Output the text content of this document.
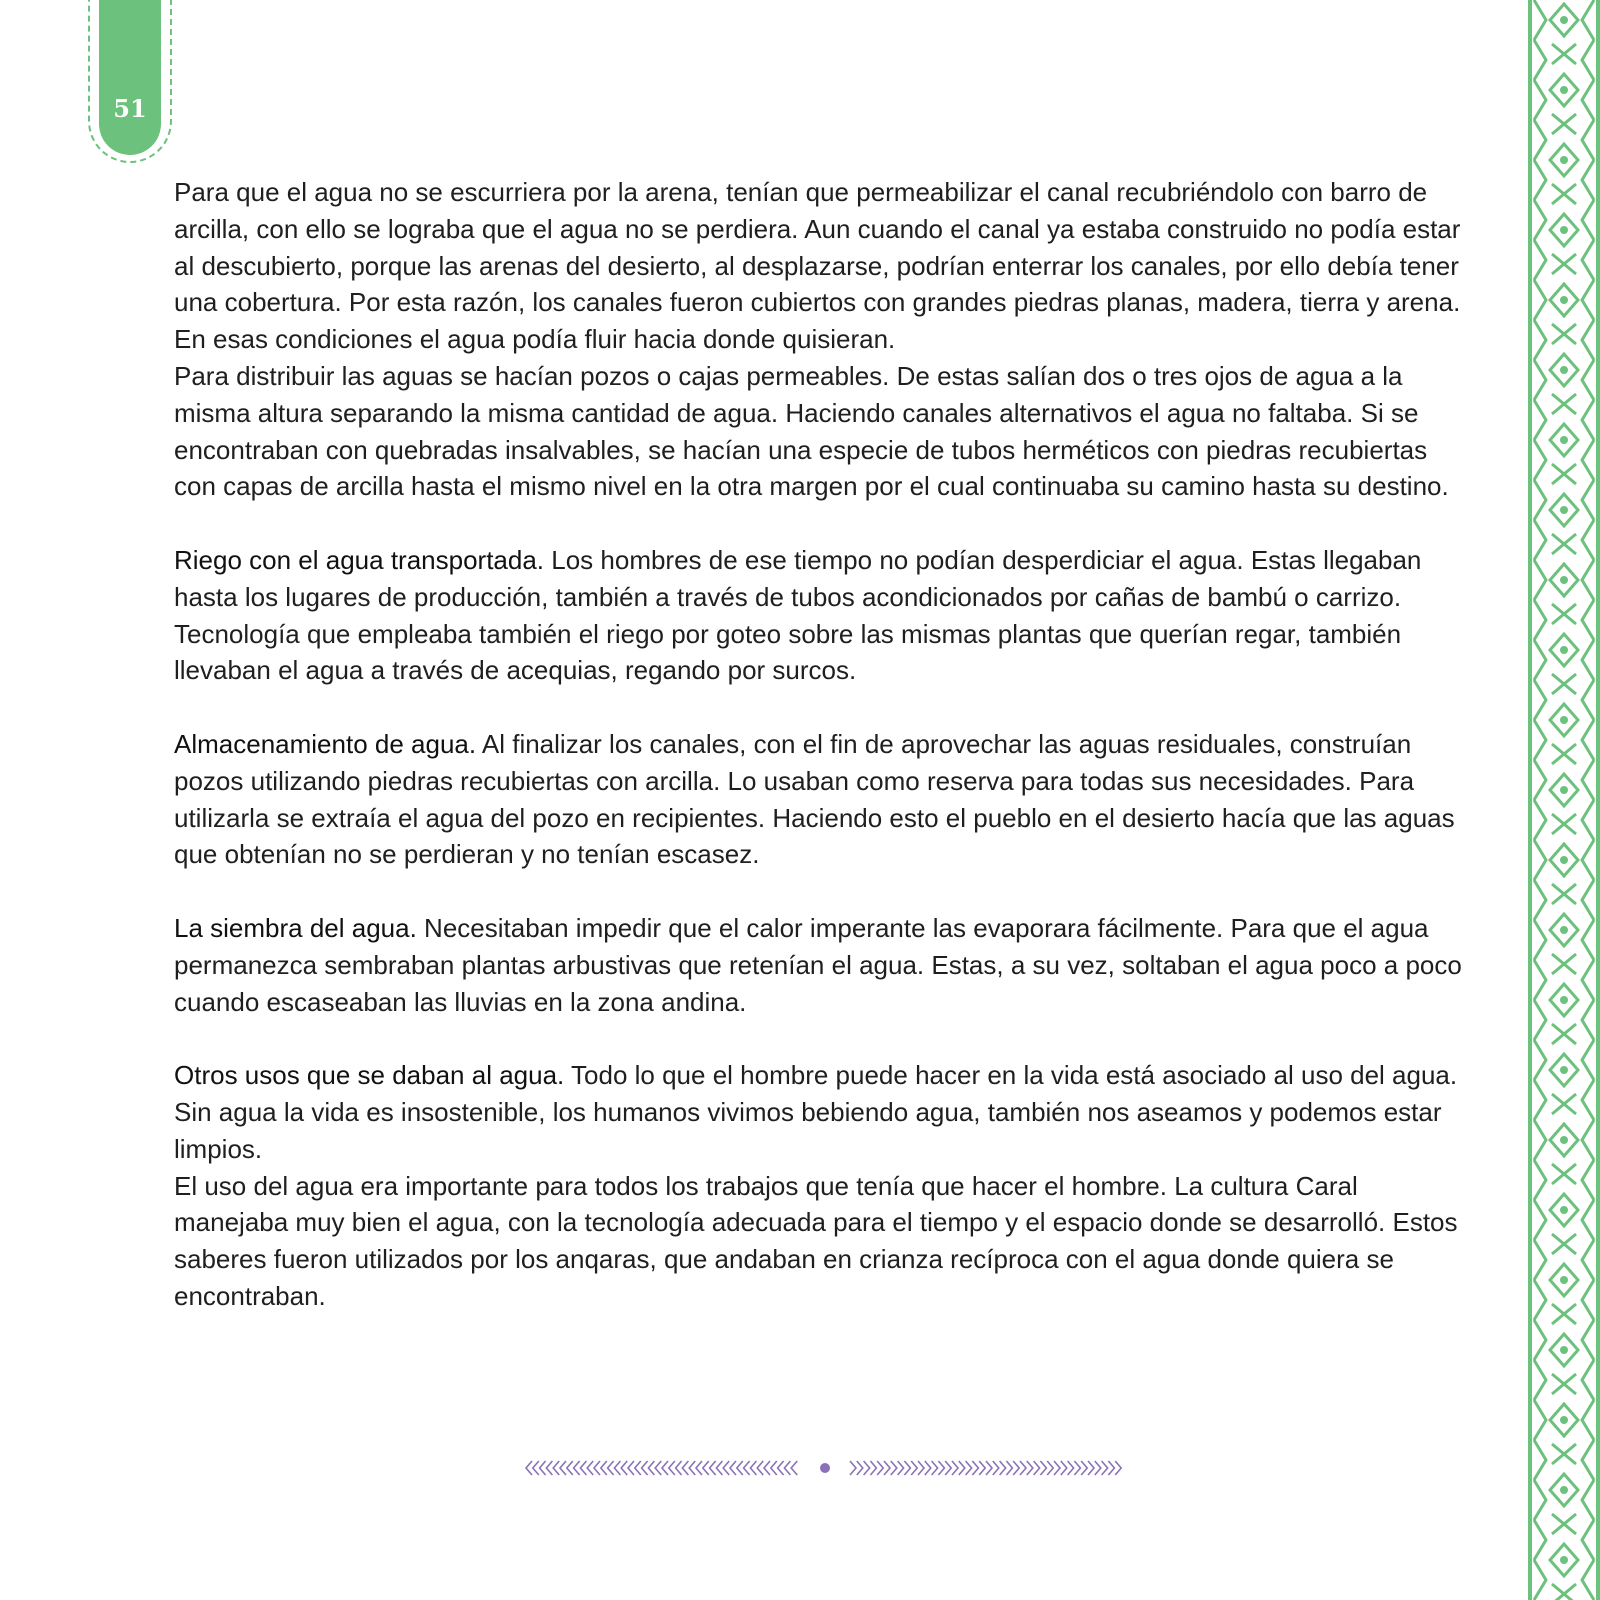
51

Para que el agua no se escurriera por la arena, tenían que permeabilizar el canal recubriéndolo con barro de arcilla, con ello se lograba que el agua no se perdiera. Aun cuando el canal ya estaba construido no podía estar al descubierto, porque las arenas del desierto, al desplazarse, podrían enterrar los canales, por ello debía tener una cobertura. Por esta razón, los canales fueron cubiertos con grandes piedras planas, madera, tierra y arena. En esas condiciones el agua podía fluir hacia donde quisieran.

Para distribuir las aguas se hacían pozos o cajas permeables. De estas salían dos o tres ojos de agua a la misma altura separando la misma cantidad de agua. Haciendo canales alternativos el agua no faltaba. Si se encontraban con quebradas insalvables, se hacían una especie de tubos herméticos con piedras recubiertas con capas de arcilla hasta el mismo nivel en la otra margen por el cual continuaba su camino hasta su destino.

Riego con el agua transportada. Los hombres de ese tiempo no podían desperdiciar el agua. Estas llegaban hasta los lugares de producción, también a través de tubos acondicionados por cañas de bambú o carrizo. Tecnología que empleaba también el riego por goteo sobre las mismas plantas que querían regar, también llevaban el agua a través de acequias, regando por surcos.

Almacenamiento de agua. Al finalizar los canales, con el fin de aprovechar las aguas residuales, construían pozos utilizando piedras recubiertas con arcilla. Lo usaban como reserva para todas sus necesidades. Para utilizarla se extraía el agua del pozo en recipientes. Haciendo esto el pueblo en el desierto hacía que las aguas que obtenían no se perdieran y no tenían escasez.

La siembra del agua. Necesitaban impedir que el calor imperante las evaporara fácilmente. Para que el agua permanezca sembraban plantas arbustivas que retenían el agua. Estas, a su vez, soltaban el agua poco a poco cuando escaseaban las lluvias en la zona andina.

Otros usos que se daban al agua. Todo lo que el hombre puede hacer en la vida está asociado al uso del agua. Sin agua la vida es insostenible, los humanos vivimos bebiendo agua, también nos aseamos y podemos estar limpios.

El uso del agua era importante para todos los trabajos que tenía que hacer el hombre. La cultura Caral manejaba muy bien el agua, con la tecnología adecuada para el tiempo y el espacio donde se desarrolló. Estos saberes fueron utilizados por los anqaras, que andaban en crianza recíproca con el agua donde quiera se encontraban.
